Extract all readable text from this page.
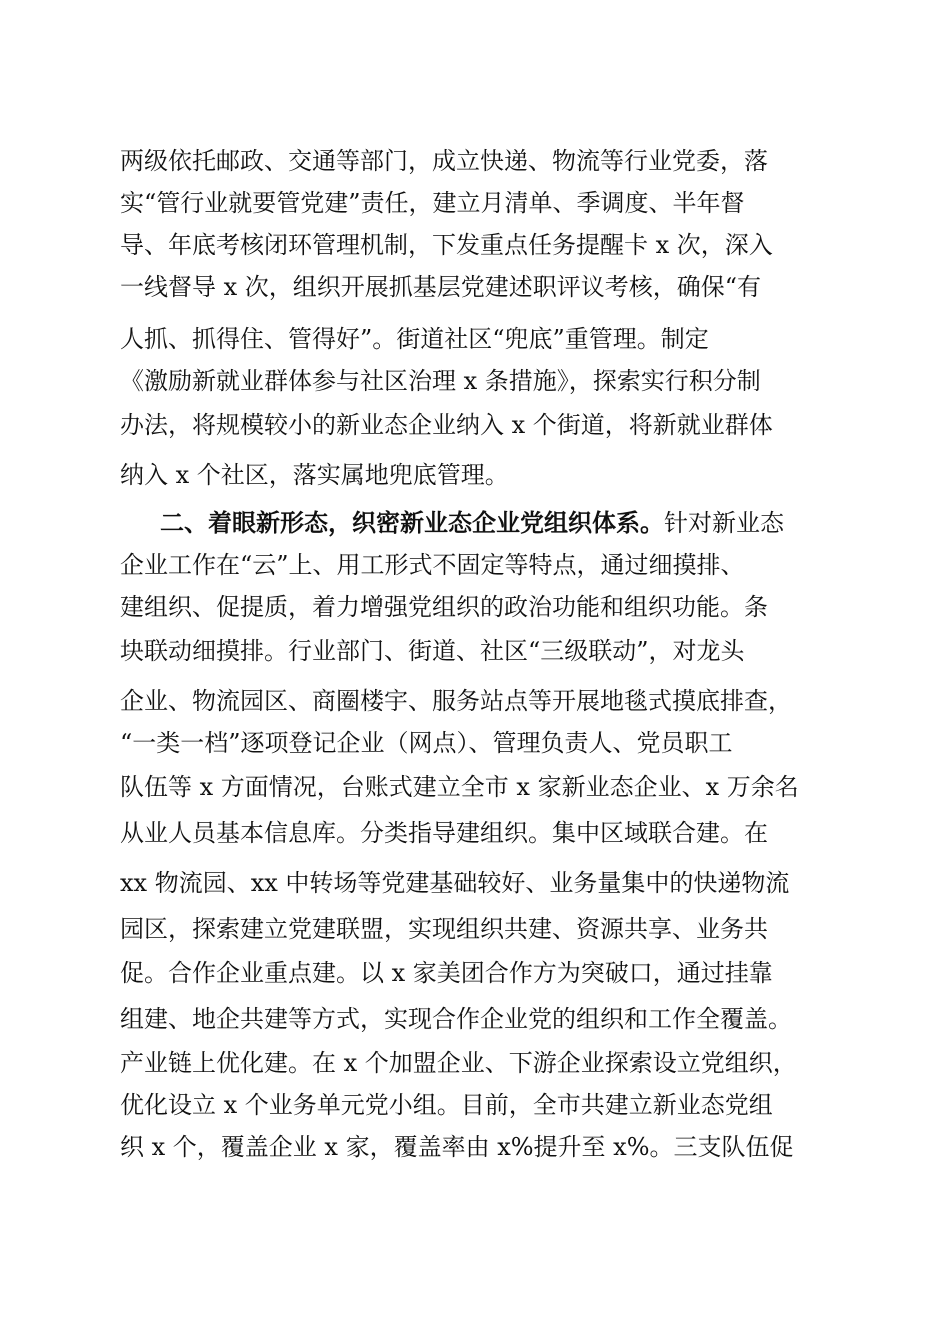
两级依托邮政、交通等部门，成立快递、物流等行业党委，落
实“管行业就要管党建”责任，建立月清单、季调度、半年督
导、年底考核闭环管理机制，下发重点任务提醒卡 x 次，深入
一线督导 x 次，组织开展抓基层党建述职评议考核，确保“有
人抓、抓得住、管得好”。街道社区“兜底”重管理。制定
《激励新就业群体参与社区治理 x 条措施》，探索实行积分制
办法，将规模较小的新业态企业纳入 x 个街道，将新就业群体
纳入 x 个社区，落实属地兜底管理。
二、着眼新形态，织密新业态企业党组织体系。针对新业态
企业工作在“云”上、用工形式不固定等特点，通过细摸排、
建组织、促提质，着力增强党组织的政治功能和组织功能。条
块联动细摸排。行业部门、街道、社区“三级联动”，对龙头
企业、物流园区、商圈楼宇、服务站点等开展地毯式摸底排查，
“一类一档”逐项登记企业（网点）、管理负责人、党员职工
队伍等 x 方面情况，台账式建立全市 x 家新业态企业、x 万余名
从业人员基本信息库。分类指导建组织。集中区域联合建。在
xx 物流园、xx 中转场等党建基础较好、业务量集中的快递物流
园区，探索建立党建联盟，实现组织共建、资源共享、业务共
促。合作企业重点建。以 x 家美团合作方为突破口，通过挂靠
组建、地企共建等方式，实现合作企业党的组织和工作全覆盖。
产业链上优化建。在 x 个加盟企业、下游企业探索设立党组织，
优化设立 x 个业务单元党小组。目前，全市共建立新业态党组
织 x 个，覆盖企业 x 家，覆盖率由 x%提升至 x%。三支队伍促
